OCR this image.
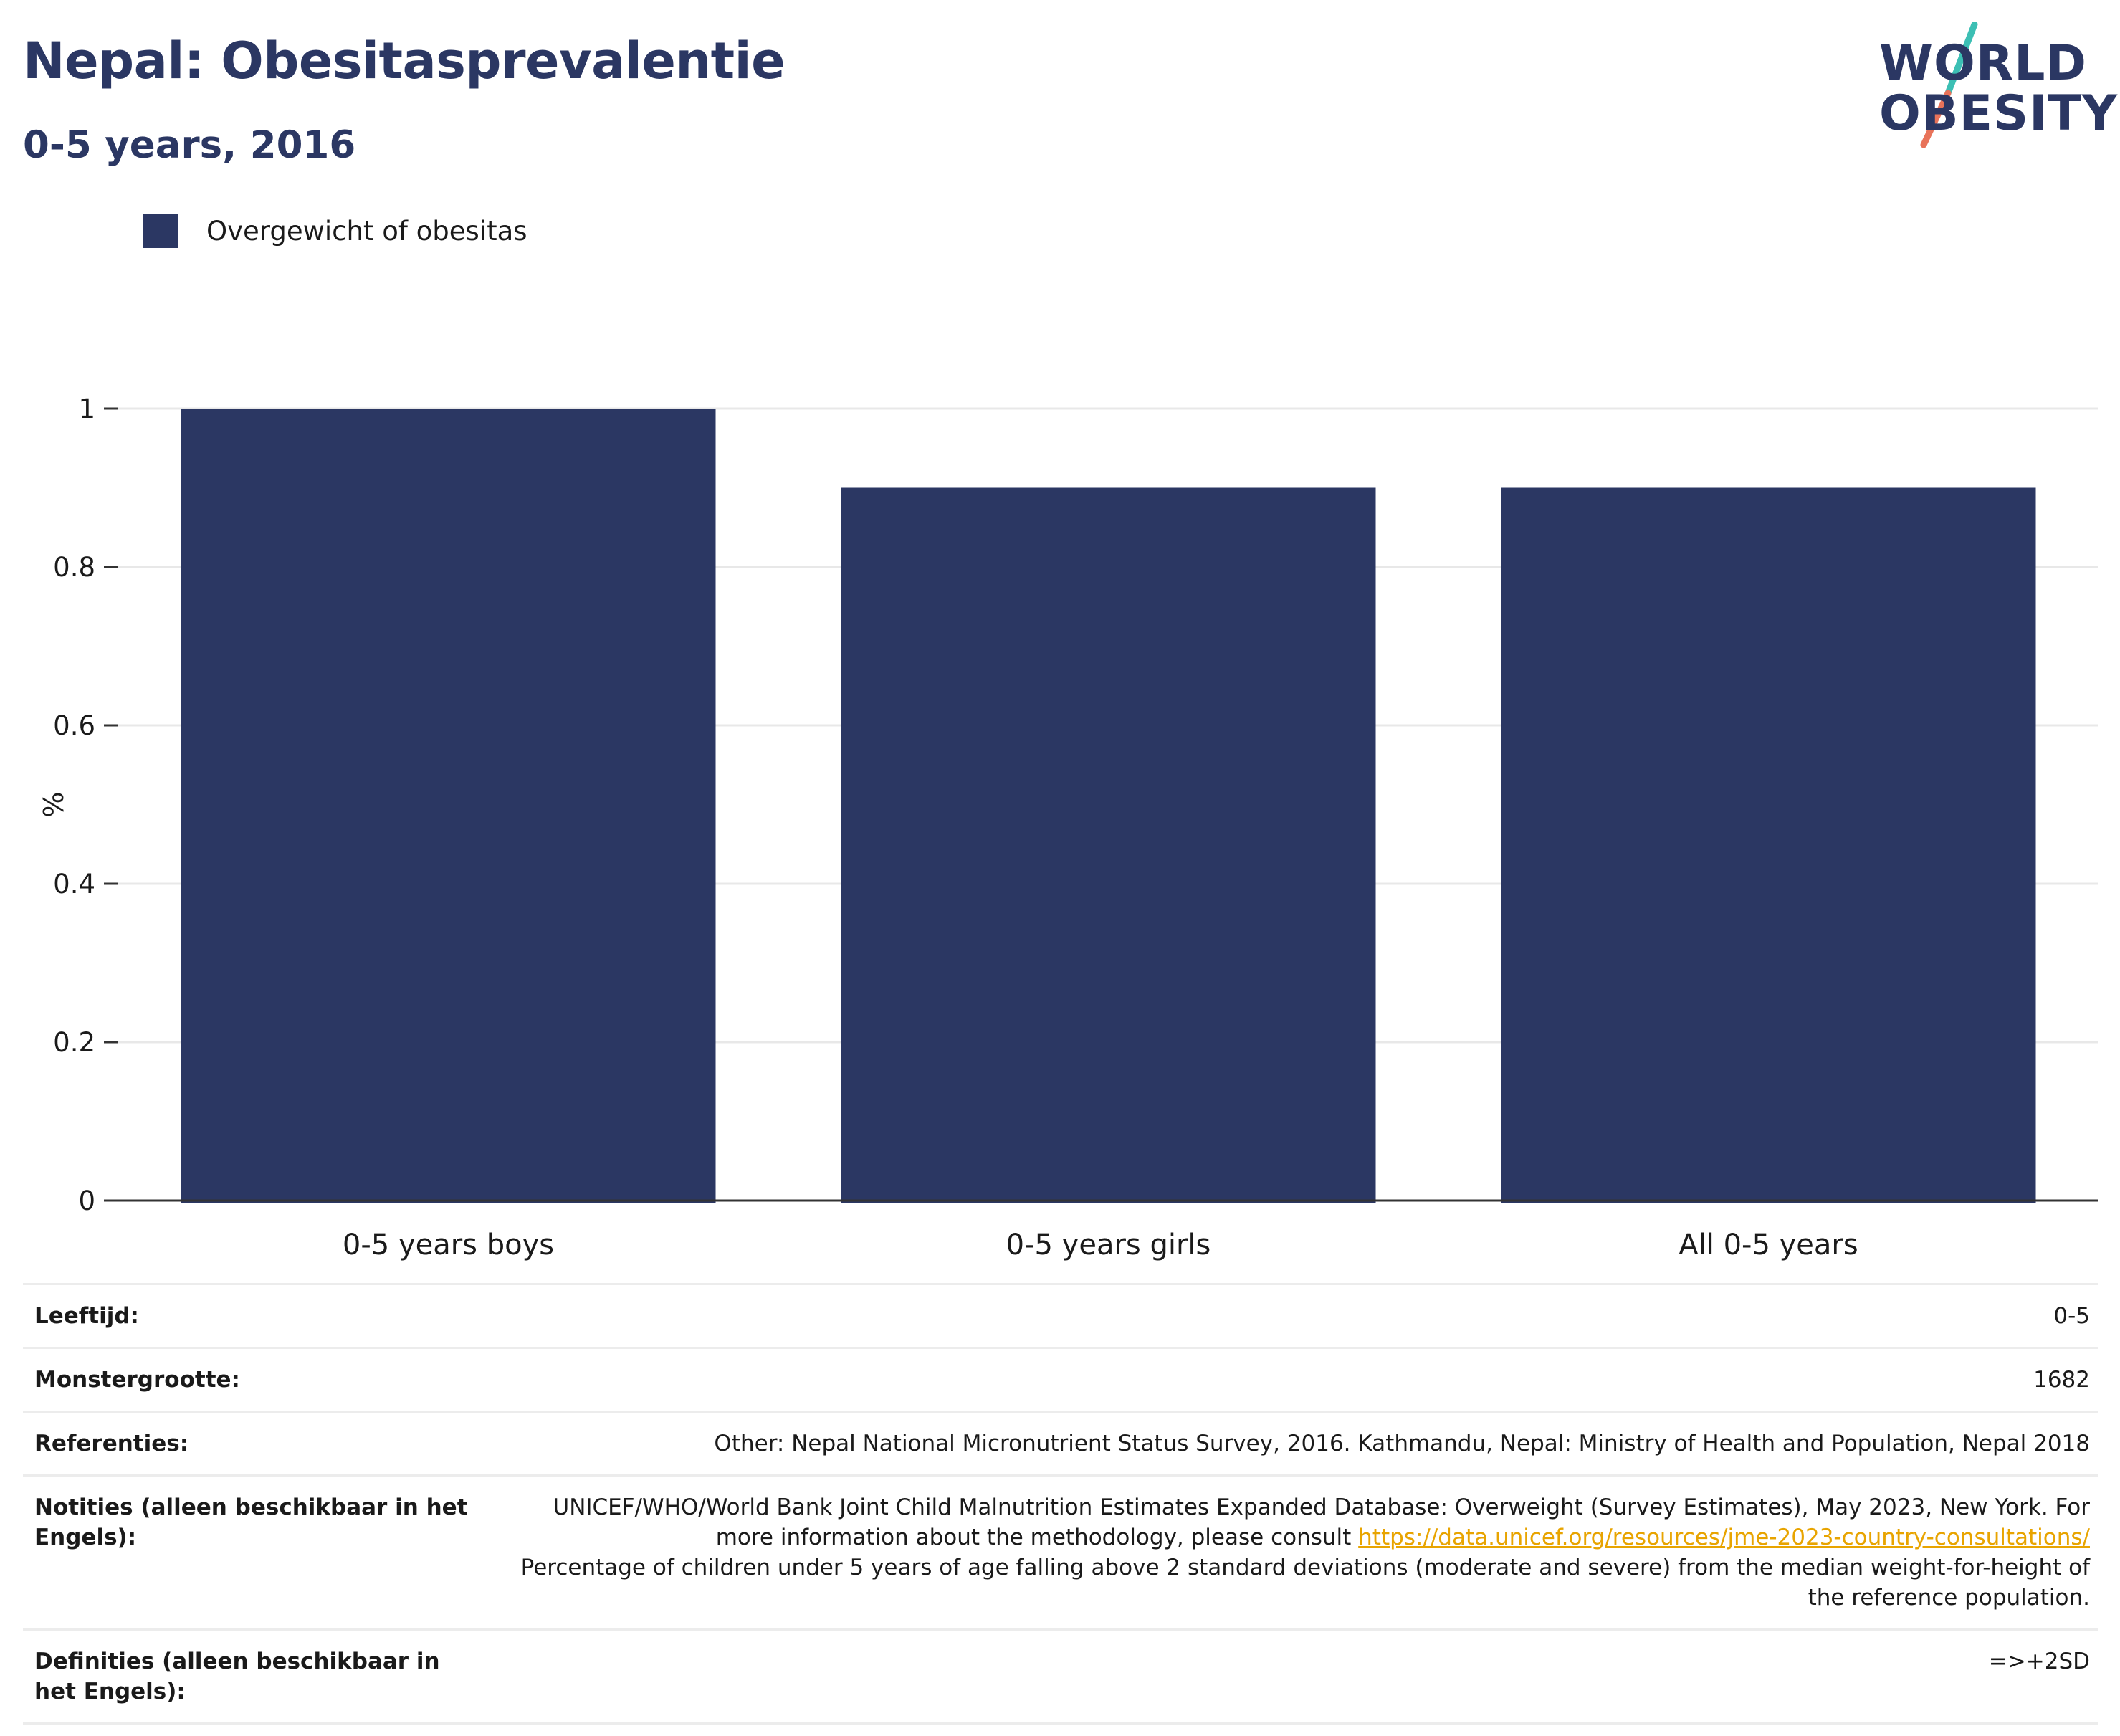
Nepal: Obesitasprevalentie
0-5 years, 2016
WORLD
OBESITY
Overgewicht of obesitas
0
0.2
0.4
0.6
0.8
1
0-5 years boys	0-5 years girls	All 0-5 years
%
Leeftijd:	0-5
Monstergrootte:	1682
Referenties:	Other: Nepal National Micronutrient Status Survey, 2016. Kathmandu, Nepal: Ministry of Health and Population, Nepal 2018
Notities (alleen beschikbaar in het Engels):	UNICEF/WHO/World Bank Joint Child Malnutrition Estimates Expanded Database: Overweight (Survey Estimates), May 2023, New York. For more information about the methodology, please consult https://data.unicef.org/resources/jme-2023-country-consultations/
Percentage of children under 5 years of age falling above 2 standard deviations (moderate and severe) from the median weight-for-height of the reference population.
Definities (alleen beschikbaar in het Engels):	=>+2SD
